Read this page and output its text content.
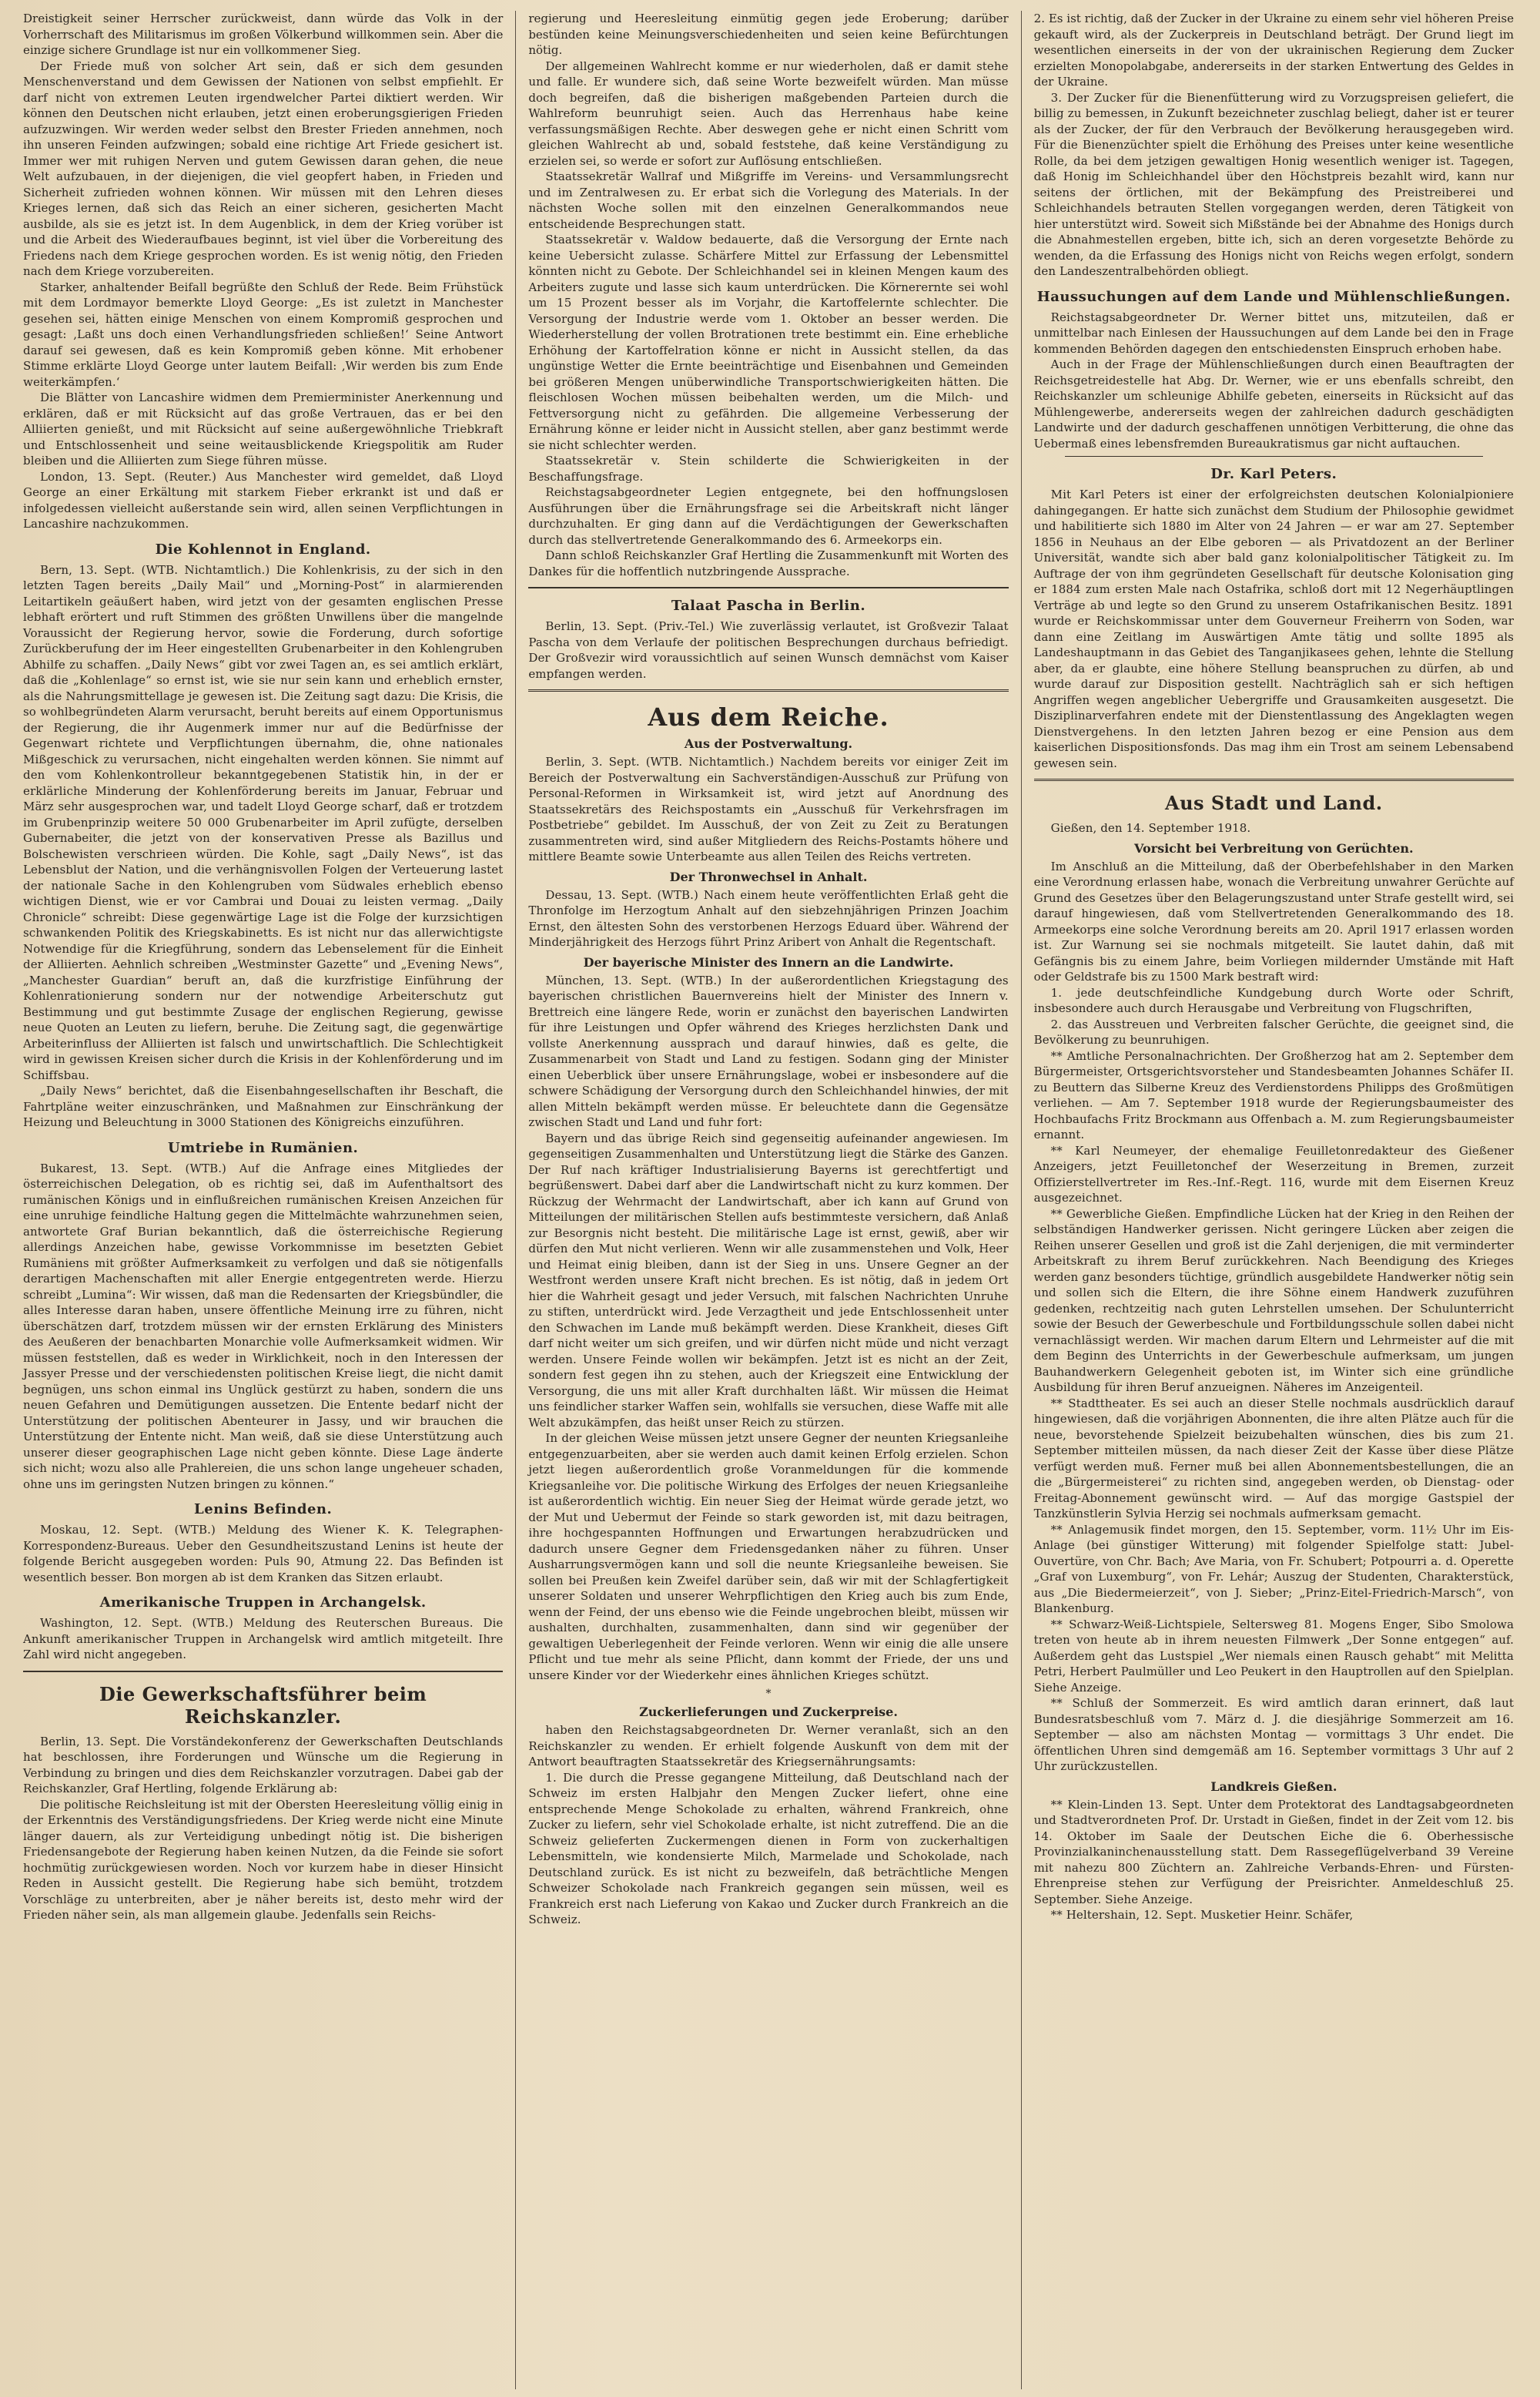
Dreistigkeit seiner Herrscher zurückweist, dann würde das Volk in der Vorherrschaft des Militarismus im großen Völkerbund willkommen sein. Aber die einzige sichere Grundlage ist nur ein vollkommener Sieg.

Der Friede muß von solcher Art sein, daß er sich dem gesunden Menschenverstand und dem Gewissen der Nationen von selbst empfiehlt. Er darf nicht von extremen Leuten irgendwelcher Partei diktiert werden. Wir können den Deutschen nicht erlauben, jetzt einen eroberungsgierigen Frieden aufzuzwingen. Wir werden weder selbst den Brester Frieden annehmen, noch ihn unseren Feinden aufzwingen; sobald eine richtige Art Friede gesichert ist. Immer wer mit ruhigen Nerven und gutem Gewissen daran gehen, die neue Welt aufzubauen, in der diejenigen, die viel geopfert haben, in Frieden und Sicherheit zufrieden wohnen können. Wir müssen mit den Lehren dieses Krieges lernen, daß sich das Reich an einer sicheren, gesicherten Macht ausbilde, als sie es jetzt ist. In dem Augenblick, in dem der Krieg vorüber ist und die Arbeit des Wiederaufbaues beginnt, ist viel über die Vorbereitung des Friedens nach dem Kriege gesprochen worden. Es ist wenig nötig, den Frieden nach dem Kriege vorzubereiten.

Starker, anhaltender Beifall begrüßte den Schluß der Rede. Beim Frühstück mit dem Lordmayor bemerkte Lloyd George: „Es ist zuletzt in Manchester gesehen sei, hätten einige Menschen von einem Kompromiß gesprochen und gesagt: ‚Laßt uns doch einen Verhandlungsfrieden schließen!‘ Seine Antwort darauf sei gewesen, daß es kein Kompromiß geben könne. Mit erhobener Stimme erklärte Lloyd George unter lautem Beifall: ‚Wir werden bis zum Ende weiterkämpfen.‘

Die Blätter von Lancashire widmen dem Premierminister Anerkennung und erklären, daß er mit Rücksicht auf das große Vertrauen, das er bei den Alliierten genießt, und mit Rücksicht auf seine außergewöhnliche Triebkraft und Entschlossenheit und seine weitausblickende Kriegspolitik am Ruder bleiben und die Alliierten zum Siege führen müsse.

London, 13. Sept. (Reuter.) Aus Manchester wird gemeldet, daß Lloyd George an einer Erkältung mit starkem Fieber erkrankt ist und daß er infolgedessen vielleicht außerstande sein wird, allen seinen Verpflichtungen in Lancashire nachzukommen.

Die Kohlennot in England.

Bern, 13. Sept. (WTB. Nichtamtlich.) Die Kohlenkrisis, zu der sich in den letzten Tagen bereits „Daily Mail“ und „Morning-Post“ in alarmierenden Leitartikeln geäußert haben, wird jetzt von der gesamten englischen Presse lebhaft erörtert und ruft Stimmen des größten Unwillens über die mangelnde Voraussicht der Regierung hervor, sowie die Forderung, durch sofortige Zurückberufung der im Heer eingestellten Grubenarbeiter in den Kohlengruben Abhilfe zu schaffen. „Daily News“ gibt vor zwei Tagen an, es sei amtlich erklärt, daß die „Kohlenlage“ so ernst ist, wie sie nur sein kann und erheblich ernster, als die Nahrungsmittellage je gewesen ist. Die Zeitung sagt dazu: Die Krisis, die so wohlbegründeten Alarm verursacht, beruht bereits auf einem Opportunismus der Regierung, die ihr Augenmerk immer nur auf die Bedürfnisse der Gegenwart richtete und Verpflichtungen übernahm, die, ohne nationales Mißgeschick zu verursachen, nicht eingehalten werden können. Sie nimmt auf den vom Kohlenkontrolleur bekanntgegebenen Statistik hin, in der er erklärliche Minderung der Kohlenförderung bereits im Januar, Februar und März sehr ausgesprochen war, und tadelt Lloyd George scharf, daß er trotzdem im Grubenprinzip weitere 50 000 Grubenarbeiter im April zufügte, derselben Gubernabeiter, die jetzt von der konservativen Presse als Bazillus und Bolschewisten verschrieen würden. Die Kohle, sagt „Daily News“, ist das Lebensblut der Nation, und die verhängnisvollen Folgen der Verteuerung lastet der nationale Sache in den Kohlengruben vom Südwales erheblich ebenso wichtigen Dienst, wie er vor Cambrai und Douai zu leisten vermag. „Daily Chronicle“ schreibt: Diese gegenwärtige Lage ist die Folge der kurzsichtigen schwankenden Politik des Kriegskabinetts. Es ist nicht nur das allerwichtigste Notwendige für die Kriegführung, sondern das Lebenselement für die Einheit der Alliierten. Aehnlich schreiben „Westminster Gazette“ und „Evening News“, „Manchester Guardian“ beruft an, daß die kurzfristige Einführung der Kohlenrationierung sondern nur der notwendige Arbeiterschutz gut Bestimmung und gut bestimmte Zusage der englischen Regierung, gewisse neue Quoten an Leuten zu liefern, beruhe. Die Zeitung sagt, die gegenwärtige Arbeiterinfluss der Alliierten ist falsch und unwirtschaftlich. Die Schlechtigkeit wird in gewissen Kreisen sicher durch die Krisis in der Kohlenförderung und im Schiffsbau.

„Daily News“ berichtet, daß die Eisenbahngesellschaften ihr Beschaft, die Fahrtpläne weiter einzuschränken, und Maßnahmen zur Einschränkung der Heizung und Beleuchtung in 3000 Stationen des Königreichs einzuführen.

Umtriebe in Rumänien.

Bukarest, 13. Sept. (WTB.) Auf die Anfrage eines Mitgliedes der österreichischen Delegation, ob es richtig sei, daß im Aufenthaltsort des rumänischen Königs und in einflußreichen rumänischen Kreisen Anzeichen für eine unruhige feindliche Haltung gegen die Mittelmächte wahrzunehmen seien, antwortete Graf Burian bekanntlich, daß die österreichische Regierung allerdings Anzeichen habe, gewisse Vorkommnisse im besetzten Gebiet Rumäniens mit größter Aufmerksamkeit zu verfolgen und daß sie nötigenfalls derartigen Machenschaften mit aller Energie entgegentreten werde. Hierzu schreibt „Lumina“: Wir wissen, daß man die Redensarten der Kriegsbündler, die alles Interesse daran haben, unsere öffentliche Meinung irre zu führen, nicht überschätzen darf, trotzdem müssen wir der ernsten Erklärung des Ministers des Aeußeren der benachbarten Monarchie volle Aufmerksamkeit widmen. Wir müssen feststellen, daß es weder in Wirklichkeit, noch in den Interessen der Jassyer Presse und der verschiedensten politischen Kreise liegt, die nicht damit begnügen, uns schon einmal ins Unglück gestürzt zu haben, sondern die uns neuen Gefahren und Demütigungen aussetzen. Die Entente bedarf nicht der Unterstützung der politischen Abenteurer in Jassy, und wir brauchen die Unterstützung der Entente nicht. Man weiß, daß sie diese Unterstützung auch unserer dieser geographischen Lage nicht geben könnte. Diese Lage änderte sich nicht; wozu also alle Prahlereien, die uns schon lange ungeheuer schaden, ohne uns im geringsten Nutzen bringen zu können.“

Lenins Befinden.

Moskau, 12. Sept. (WTB.) Meldung des Wiener K. K. Telegraphen-Korrespondenz-Bureaus. Ueber den Gesundheitszustand Lenins ist heute der folgende Bericht ausgegeben worden: Puls 90, Atmung 22. Das Befinden ist wesentlich besser. Bon morgen ab ist dem Kranken das Sitzen erlaubt.

Amerikanische Truppen in Archangelsk.

Washington, 12. Sept. (WTB.) Meldung des Reuterschen Bureaus. Die Ankunft amerikanischer Truppen in Archangelsk wird amtlich mitgeteilt. Ihre Zahl wird nicht angegeben.

Die Gewerkschaftsführer beim Reichskanzler.

Berlin, 13. Sept. Die Vorständekonferenz der Gewerkschaften Deutschlands hat beschlossen, ihre Forderungen und Wünsche um die Regierung in Verbindung zu bringen und dies dem Reichskanzler vorzutragen. Dabei gab der Reichskanzler, Graf Hertling, folgende Erklärung ab:

Die politische Reichsleitung ist mit der Obersten Heeresleitung völlig einig in der Erkenntnis des Verständigungsfriedens. Der Krieg werde nicht eine Minute länger dauern, als zur Verteidigung unbedingt nötig ist. Die bisherigen Friedensangebote der Regierung haben keinen Nutzen, da die Feinde sie sofort hochmütig zurückgewiesen worden. Noch vor kurzem habe in dieser Hinsicht Reden in Aussicht gestellt. Die Regierung habe sich bemüht, trotzdem Vorschläge zu unterbreiten, aber je näher bereits ist, desto mehr wird der Frieden näher sein, als man allgemein glaube. Jedenfalls sein Reichs-

regierung und Heeresleitung einmütig gegen jede Eroberung; darüber bestünden keine Meinungsverschiedenheiten und seien keine Befürchtungen nötig.

Der allgemeinen Wahlrecht komme er nur wiederholen, daß er damit stehe und falle. Er wundere sich, daß seine Worte bezweifelt würden. Man müsse doch begreifen, daß die bisherigen maßgebenden Parteien durch die Wahlreform beunruhigt seien. Auch das Herrenhaus habe keine verfassungsmäßigen Rechte. Aber deswegen gehe er nicht einen Schritt vom gleichen Wahlrecht ab und, sobald feststehe, daß keine Verständigung zu erzielen sei, so werde er sofort zur Auflösung entschließen.

Staatssekretär Wallraf und Mißgriffe im Vereins- und Versammlungsrecht und im Zentralwesen zu. Er erbat sich die Vorlegung des Materials. In der nächsten Woche sollen mit den einzelnen Generalkommandos neue entscheidende Besprechungen statt.

Staatssekretär v. Waldow bedauerte, daß die Versorgung der Ernte nach keine Uebersicht zulasse. Schärfere Mittel zur Erfassung der Lebensmittel könnten nicht zu Gebote. Der Schleichhandel sei in kleinen Mengen kaum des Arbeiters zugute und lasse sich kaum unterdrücken. Die Körnerernte sei wohl um 15 Prozent besser als im Vorjahr, die Kartoffelernte schlechter. Die Versorgung der Industrie werde vom 1. Oktober an besser werden. Die Wiederherstellung der vollen Brotrationen trete bestimmt ein. Eine erhebliche Erhöhung der Kartoffelration könne er nicht in Aussicht stellen, da das ungünstige Wetter die Ernte beeinträchtige und Eisenbahnen und Gemeinden bei größeren Mengen unüberwindliche Transportschwierigkeiten hätten. Die fleischlosen Wochen müssen beibehalten werden, um die Milch- und Fettversorgung nicht zu gefährden. Die allgemeine Verbesserung der Ernährung könne er leider nicht in Aussicht stellen, aber ganz bestimmt werde sie nicht schlechter werden.

Staatssekretär v. Stein schilderte die Schwierigkeiten in der Beschaffungsfrage.

Reichstagsabgeordneter Legien entgegnete, bei den hoffnungslosen Ausführungen über die Ernährungsfrage sei die Arbeitskraft nicht länger durchzuhalten. Er ging dann auf die Verdächtigungen der Gewerkschaften durch das stellvertretende Generalkommando des 6. Armeekorps ein.

Dann schloß Reichskanzler Graf Hertling die Zusammenkunft mit Worten des Dankes für die hoffentlich nutzbringende Aussprache.

Talaat Pascha in Berlin.

Berlin, 13. Sept. (Priv.-Tel.) Wie zuverlässig verlautet, ist Großvezir Talaat Pascha von dem Verlaufe der politischen Besprechungen durchaus befriedigt. Der Großvezir wird voraussichtlich auf seinen Wunsch demnächst vom Kaiser empfangen werden.

Aus dem Reiche.
Aus der Postverwaltung.

Berlin, 3. Sept. (WTB. Nichtamtlich.) Nachdem bereits vor einiger Zeit im Bereich der Postverwaltung ein Sachverständigen-Ausschuß zur Prüfung von Personal-Reformen in Wirksamkeit ist, wird jetzt auf Anordnung des Staatssekretärs des Reichspostamts ein „Ausschuß für Verkehrsfragen im Postbetriebe“ gebildet. Im Ausschuß, der von Zeit zu Zeit zu Beratungen zusammentreten wird, sind außer Mitgliedern des Reichs-Postamts höhere und mittlere Beamte sowie Unterbeamte aus allen Teilen des Reichs vertreten.

Der Thronwechsel in Anhalt.

Dessau, 13. Sept. (WTB.) Nach einem heute veröffentlichten Erlaß geht die Thronfolge im Herzogtum Anhalt auf den siebzehnjährigen Prinzen Joachim Ernst, den ältesten Sohn des verstorbenen Herzogs Eduard über. Während der Minderjährigkeit des Herzogs führt Prinz Aribert von Anhalt die Regentschaft.

Der bayerische Minister des Innern an die Landwirte.

München, 13. Sept. (WTB.) In der außerordentlichen Kriegstagung des bayerischen christlichen Bauernvereins hielt der Minister des Innern v. Brettreich eine längere Rede, worin er zunächst den bayerischen Landwirten für ihre Leistungen und Opfer während des Krieges herzlichsten Dank und vollste Anerkennung aussprach und darauf hinwies, daß es gelte, die Zusammenarbeit von Stadt und Land zu festigen. Sodann ging der Minister einen Ueberblick über unsere Ernährungslage, wobei er insbesondere auf die schwere Schädigung der Versorgung durch den Schleichhandel hinwies, der mit allen Mitteln bekämpft werden müsse. Er beleuchtete dann die Gegensätze zwischen Stadt und Land und fuhr fort:

Bayern und das übrige Reich sind gegenseitig aufeinander angewiesen. Im gegenseitigen Zusammenhalten und Unterstützung liegt die Stärke des Ganzen. Der Ruf nach kräftiger Industrialisierung Bayerns ist gerechtfertigt und begrüßenswert. Dabei darf aber die Landwirtschaft nicht zu kurz kommen. Der Rückzug der Wehrmacht der Landwirtschaft, aber ich kann auf Grund von Mitteilungen der militärischen Stellen aufs bestimmteste versichern, daß Anlaß zur Besorgnis nicht besteht. Die militärische Lage ist ernst, gewiß, aber wir dürfen den Mut nicht verlieren. Wenn wir alle zusammenstehen und Volk, Heer und Heimat einig bleiben, dann ist der Sieg in uns. Unsere Gegner an der Westfront werden unsere Kraft nicht brechen. Es ist nötig, daß in jedem Ort hier die Wahrheit gesagt und jeder Versuch, mit falschen Nachrichten Unruhe zu stiften, unterdrückt wird. Jede Verzagtheit und jede Entschlossenheit unter den Schwachen im Lande muß bekämpft werden. Diese Krankheit, dieses Gift darf nicht weiter um sich greifen, und wir dürfen nicht müde und nicht verzagt werden. Unsere Feinde wollen wir bekämpfen. Jetzt ist es nicht an der Zeit, sondern fest gegen ihn zu stehen, auch der Kriegszeit eine Entwicklung der Versorgung, die uns mit aller Kraft durchhalten läßt. Wir müssen die Heimat uns feindlicher starker Waffen sein, wohlfalls sie versuchen, diese Waffe mit alle Welt abzukämpfen, das heißt unser Reich zu stürzen.

In der gleichen Weise müssen jetzt unsere Gegner der neunten Kriegsanleihe entgegenzuarbeiten, aber sie werden auch damit keinen Erfolg erzielen. Schon jetzt liegen außerordentlich große Voranmeldungen für die kommende Kriegsanleihe vor. Die politische Wirkung des Erfolges der neuen Kriegsanleihe ist außerordentlich wichtig. Ein neuer Sieg der Heimat würde gerade jetzt, wo der Mut und Uebermut der Feinde so stark geworden ist, mit dazu beitragen, ihre hochgespannten Hoffnungen und Erwartungen herabzudrücken und dadurch unsere Gegner dem Friedensgedanken näher zu führen. Unser Ausharrungsvermögen kann und soll die neunte Kriegsanleihe beweisen. Sie sollen bei Preußen kein Zweifel darüber sein, daß wir mit der Schlagfertigkeit unserer Soldaten und unserer Wehrpflichtigen den Krieg auch bis zum Ende, wenn der Feind, der uns ebenso wie die Feinde ungebrochen bleibt, müssen wir aushalten, durchhalten, zusammenhalten, dann sind wir gegenüber der gewaltigen Ueberlegenheit der Feinde verloren. Wenn wir einig die alle unsere Pflicht und tue mehr als seine Pflicht, dann kommt der Friede, der uns und unsere Kinder vor der Wiederkehr eines ähnlichen Krieges schützt.

*
Zuckerlieferungen und Zuckerpreise.

haben den Reichstagsabgeordneten Dr. Werner veranlaßt, sich an den Reichskanzler zu wenden. Er erhielt folgende Auskunft von dem mit der Antwort beauftragten Staatssekretär des Kriegsernährungsamts:

1. Die durch die Presse gegangene Mitteilung, daß Deutschland nach der Schweiz im ersten Halbjahr den Mengen Zucker liefert, ohne eine entsprechende Menge Schokolade zu erhalten, während Frankreich, ohne Zucker zu liefern, sehr viel Schokolade erhalte, ist nicht zutreffend. Die an die Schweiz gelieferten Zuckermengen dienen in Form von zuckerhaltigen Lebensmitteln, wie kondensierte Milch, Marmelade und Schokolade, nach Deutschland zurück. Es ist nicht zu bezweifeln, daß beträchtliche Mengen Schweizer Schokolade nach Frankreich gegangen sein müssen, weil es Frankreich erst nach Lieferung von Kakao und Zucker durch Frankreich an die Schweiz.

2. Es ist richtig, daß der Zucker in der Ukraine zu einem sehr viel höheren Preise gekauft wird, als der Zuckerpreis in Deutschland beträgt. Der Grund liegt im wesentlichen einerseits in der von der ukrainischen Regierung dem Zucker erzielten Monopolabgabe, andererseits in der starken Entwertung des Geldes in der Ukraine.

3. Der Zucker für die Bienenfütterung wird zu Vorzugspreisen geliefert, die billig zu bemessen, in Zukunft bezeichneter zuschlag beliegt, daher ist er teurer als der Zucker, der für den Verbrauch der Bevölkerung herausgegeben wird. Für die Bienenzüchter spielt die Erhöhung des Preises unter keine wesentliche Rolle, da bei dem jetzigen gewaltigen Honig wesentlich weniger ist. Tagegen, daß Honig im Schleichhandel über den Höchstpreis bezahlt wird, kann nur seitens der örtlichen, mit der Bekämpfung des Preistreiberei und Schleichhandels betrauten Stellen vorgegangen werden, deren Tätigkeit von hier unterstützt wird. Soweit sich Mißstände bei der Abnahme des Honigs durch die Abnahmestellen ergeben, bitte ich, sich an deren vorgesetzte Behörde zu wenden, da die Erfassung des Honigs nicht von Reichs wegen erfolgt, sondern den Landeszentralbehörden obliegt.

Haussuchungen auf dem Lande und Mühlenschließungen.

Reichstagsabgeordneter Dr. Werner bittet uns, mitzuteilen, daß er unmittelbar nach Einlesen der Haussuchungen auf dem Lande bei den in Frage kommenden Behörden dagegen den entschiedensten Einspruch erhoben habe.

Auch in der Frage der Mühlenschließungen durch einen Beauftragten der Reichsgetreidestelle hat Abg. Dr. Werner, wie er uns ebenfalls schreibt, den Reichskanzler um schleunige Abhilfe gebeten, einerseits in Rücksicht auf das Mühlengewerbe, andererseits wegen der zahlreichen dadurch geschädigten Landwirte und der dadurch geschaffenen unnötigen Verbitterung, die ohne das Uebermaß eines lebensfremden Bureaukratismus gar nicht auftauchen.

Dr. Karl Peters.

Mit Karl Peters ist einer der erfolgreichsten deutschen Kolonialpioniere dahingegangen. Er hatte sich zunächst dem Studium der Philosophie gewidmet und habilitierte sich 1880 im Alter von 24 Jahren — er war am 27. September 1856 in Neuhaus an der Elbe geboren — als Privatdozent an der Berliner Universität, wandte sich aber bald ganz kolonialpolitischer Tätigkeit zu. Im Auftrage der von ihm gegründeten Gesellschaft für deutsche Kolonisation ging er 1884 zum ersten Male nach Ostafrika, schloß dort mit 12 Negerhäuptlingen Verträge ab und legte so den Grund zu unserem Ostafrikanischen Besitz. 1891 wurde er Reichskommissar unter dem Gouverneur Freiherrn von Soden, war dann eine Zeitlang im Auswärtigen Amte tätig und sollte 1895 als Landeshauptmann in das Gebiet des Tanganjikasees gehen, lehnte die Stellung aber, da er glaubte, eine höhere Stellung beanspruchen zu dürfen, ab und wurde darauf zur Disposition gestellt. Nachträglich sah er sich heftigen Angriffen wegen angeblicher Uebergriffe und Grausamkeiten ausgesetzt. Die Disziplinarverfahren endete mit der Dienstentlassung des Angeklagten wegen Dienstvergehens. In den letzten Jahren bezog er eine Pension aus dem kaiserlichen Dispositionsfonds. Das mag ihm ein Trost am seinem Lebensabend gewesen sein.

Aus Stadt und Land.

Gießen, den 14. September 1918.

Vorsicht bei Verbreitung von Gerüchten.

Im Anschluß an die Mitteilung, daß der Oberbefehlshaber in den Marken eine Verordnung erlassen habe, wonach die Verbreitung unwahrer Gerüchte auf Grund des Gesetzes über den Belagerungszustand unter Strafe gestellt wird, sei darauf hingewiesen, daß vom Stellvertretenden Generalkommando des 18. Armeekorps eine solche Verordnung bereits am 20. April 1917 erlassen worden ist. Zur Warnung sei sie nochmals mitgeteilt. Sie lautet dahin, daß mit Gefängnis bis zu einem Jahre, beim Vorliegen mildernder Umstände mit Haft oder Geldstrafe bis zu 1500 Mark bestraft wird:

1. jede deutschfeindliche Kundgebung durch Worte oder Schrift, insbesondere auch durch Herausgabe und Verbreitung von Flugschriften,

2. das Ausstreuen und Verbreiten falscher Gerüchte, die geeignet sind, die Bevölkerung zu beunruhigen.

** Amtliche Personalnachrichten. Der Großherzog hat am 2. September dem Bürgermeister, Ortsgerichtsvorsteher und Standesbeamten Johannes Schäfer II. zu Beuttern das Silberne Kreuz des Verdienstordens Philipps des Großmütigen verliehen. — Am 7. September 1918 wurde der Regierungsbaumeister des Hochbaufachs Fritz Brockmann aus Offenbach a. M. zum Regierungsbaumeister ernannt.

** Karl Neumeyer, der ehemalige Feuilletonredakteur des Gießener Anzeigers, jetzt Feuilletonchef der Weserzeitung in Bremen, zurzeit Offizierstellvertreter im Res.-Inf.-Regt. 116, wurde mit dem Eisernen Kreuz ausgezeichnet.

** Gewerbliche Gießen. Empfindliche Lücken hat der Krieg in den Reihen der selbständigen Handwerker gerissen. Nicht geringere Lücken aber zeigen die Reihen unserer Gesellen und groß ist die Zahl derjenigen, die mit verminderter Arbeitskraft zu ihrem Beruf zurückkehren. Nach Beendigung des Krieges werden ganz besonders tüchtige, gründlich ausgebildete Handwerker nötig sein und sollen sich die Eltern, die ihre Söhne einem Handwerk zuzuführen gedenken, rechtzeitig nach guten Lehrstellen umsehen. Der Schulunterricht sowie der Besuch der Gewerbeschule und Fortbildungsschule sollen dabei nicht vernachlässigt werden. Wir machen darum Eltern und Lehrmeister auf die mit dem Beginn des Unterrichts in der Gewerbeschule aufmerksam, um jungen Bauhandwerkern Gelegenheit geboten ist, im Winter sich eine gründliche Ausbildung für ihren Beruf anzueignen. Näheres im Anzeigenteil.

** Stadttheater. Es sei auch an dieser Stelle nochmals ausdrücklich darauf hingewiesen, daß die vorjährigen Abonnenten, die ihre alten Plätze auch für die neue, bevorstehende Spielzeit beizubehalten wünschen, dies bis zum 21. September mitteilen müssen, da nach dieser Zeit der Kasse über diese Plätze verfügt werden muß. Ferner muß bei allen Abonnementsbestellungen, die an die „Bürgermeisterei“ zu richten sind, angegeben werden, ob Dienstag- oder Freitag-Abonnement gewünscht wird. — Auf das morgige Gastspiel der Tanzkünstlerin Sylvia Herzig sei nochmals aufmerksam gemacht.

** Anlagemusik findet morgen, den 15. September, vorm. 11½ Uhr im Eis-Anlage (bei günstiger Witterung) mit folgender Spielfolge statt: Jubel-Ouvertüre, von Chr. Bach; Ave Maria, von Fr. Schubert; Potpourri a. d. Operette „Graf von Luxemburg“, von Fr. Lehár; Auszug der Studenten, Charakterstück, aus „Die Biedermeierzeit“, von J. Sieber; „Prinz-Eitel-Friedrich-Marsch“, von Blankenburg.

** Schwarz-Weiß-Lichtspiele, Seltersweg 81. Mogens Enger, Sibo Smolowa treten von heute ab in ihrem neuesten Filmwerk „Der Sonne entgegen“ auf. Außerdem geht das Lustspiel „Wer niemals einen Rausch gehabt“ mit Melitta Petri, Herbert Paulmüller und Leo Peukert in den Hauptrollen auf den Spielplan. Siehe Anzeige.

** Schluß der Sommerzeit. Es wird amtlich daran erinnert, daß laut Bundesratsbeschluß vom 7. März d. J. die diesjährige Sommerzeit am 16. September — also am nächsten Montag — vormittags 3 Uhr endet. Die öffentlichen Uhren sind demgemäß am 16. September vormittags 3 Uhr auf 2 Uhr zurückzustellen.

Landkreis Gießen.

** Klein-Linden 13. Sept. Unter dem Protektorat des Landtagsabgeordneten und Stadtverordneten Prof. Dr. Urstadt in Gießen, findet in der Zeit vom 12. bis 14. Oktober im Saale der Deutschen Eiche die 6. Oberhessische Provinzialkaninchenausstellung statt. Dem Rassegeflügelverband 39 Vereine mit nahezu 800 Züchtern an. Zahlreiche Verbands-Ehren- und Fürsten-Ehrenpreise stehen zur Verfügung der Preisrichter. Anmeldeschluß 25. September. Siehe Anzeige.

** Heltershain, 12. Sept. Musketier Heinr. Schäfer,
